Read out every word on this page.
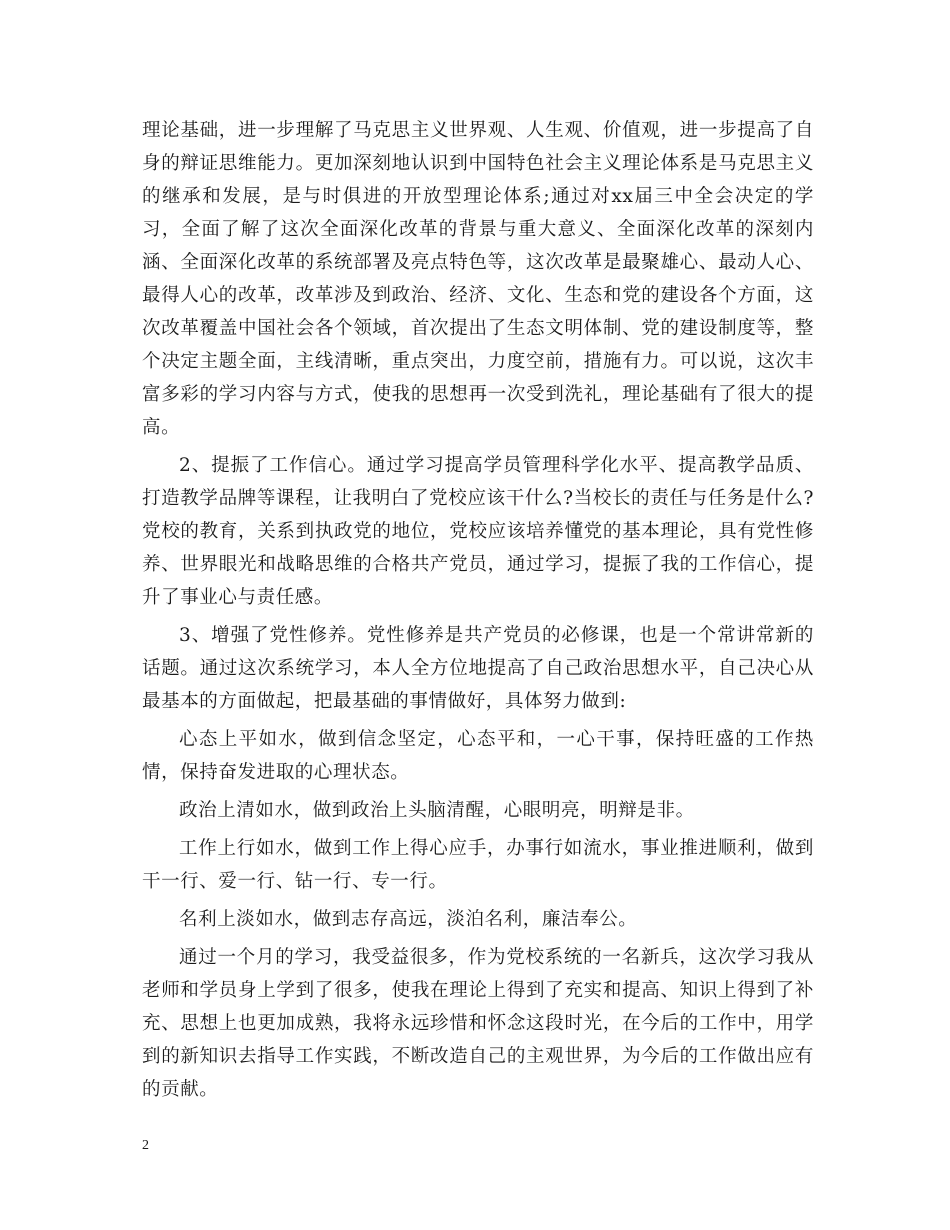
理论基础，进一步理解了马克思主义世界观、人生观、价值观，进一步提高了自身的辩证思维能力。更加深刻地认识到中国特色社会主义理论体系是马克思主义的继承和发展，是与时俱进的开放型理论体系;通过对xx届三中全会决定的学习，全面了解了这次全面深化改革的背景与重大意义、全面深化改革的深刻内涵、全面深化改革的系统部署及亮点特色等，这次改革是最聚雄心、最动人心、最得人心的改革，改革涉及到政治、经济、文化、生态和党的建设各个方面，这次改革覆盖中国社会各个领域，首次提出了生态文明体制、党的建设制度等，整个决定主题全面，主线清晰，重点突出，力度空前，措施有力。可以说，这次丰富多彩的学习内容与方式，使我的思想再一次受到洗礼，理论基础有了很大的提高。

2、提振了工作信心。通过学习提高学员管理科学化水平、提高教学品质、打造教学品牌等课程，让我明白了党校应该干什么?当校长的责任与任务是什么?党校的教育，关系到执政党的地位，党校应该培养懂党的基本理论，具有党性修养、世界眼光和战略思维的合格共产党员，通过学习，提振了我的工作信心，提升了事业心与责任感。

3、增强了党性修养。党性修养是共产党员的必修课，也是一个常讲常新的话题。通过这次系统学习，本人全方位地提高了自己政治思想水平，自己决心从最基本的方面做起，把最基础的事情做好，具体努力做到:

心态上平如水，做到信念坚定，心态平和，一心干事，保持旺盛的工作热情，保持奋发进取的心理状态。

政治上清如水，做到政治上头脑清醒，心眼明亮，明辩是非。

工作上行如水，做到工作上得心应手，办事行如流水，事业推进顺利，做到干一行、爱一行、钻一行、专一行。

名利上淡如水，做到志存高远，淡泊名利，廉洁奉公。

通过一个月的学习，我受益很多，作为党校系统的一名新兵，这次学习我从老师和学员身上学到了很多，使我在理论上得到了充实和提高、知识上得到了补充、思想上也更加成熟，我将永远珍惜和怀念这段时光，在今后的工作中，用学到的新知识去指导工作实践，不断改造自己的主观世界，为今后的工作做出应有的贡献。

2
